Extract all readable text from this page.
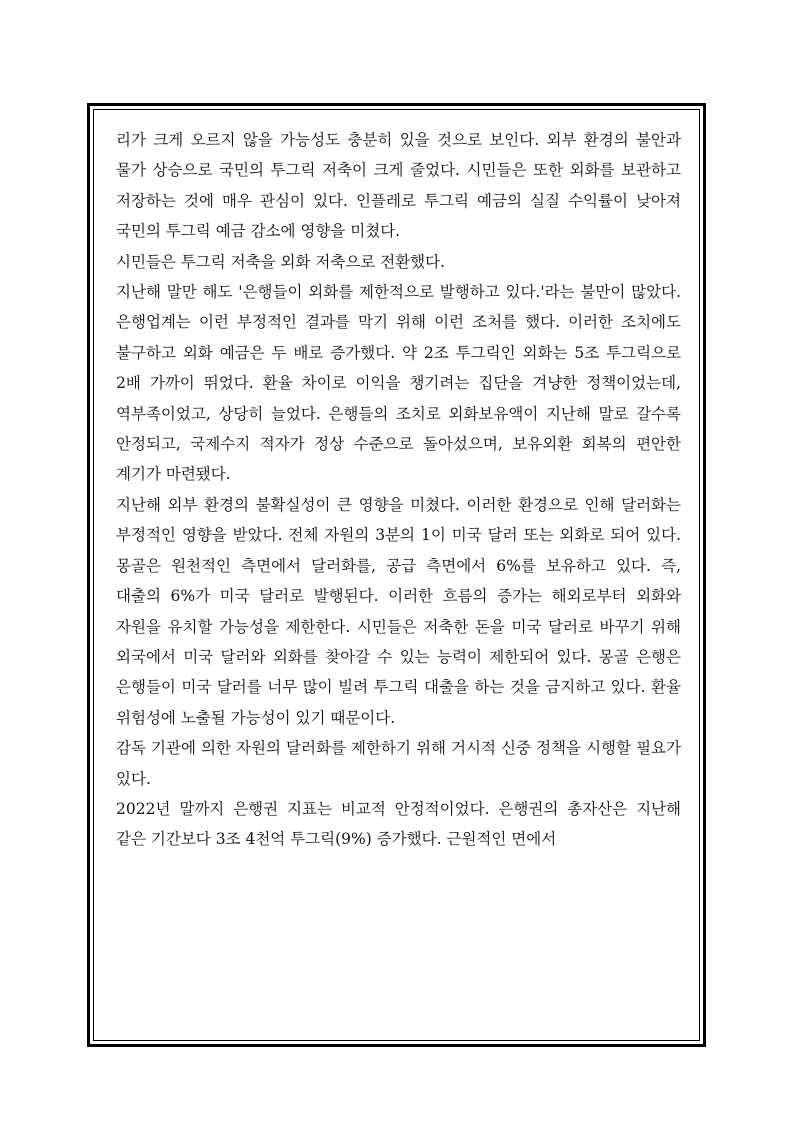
리가 크게 오르지 않을 가능성도 충분히 있을 것으로 보인다. 외부 환경의 불안과 물가 상승으로 국민의 투그릭 저축이 크게 줄었다. 시민들은 또한 외화를 보관하고 저장하는 것에 매우 관심이 있다. 인플레로 투그릭 예금의 실질 수익률이 낮아져 국민의 투그릭 예금 감소에 영향을 미쳤다.

시민들은 투그릭 저축을 외화 저축으로 전환했다.

지난해 말만 해도 '은행들이 외화를 제한적으로 발행하고 있다.'라는 불만이 많았다. 은행업계는 이런 부정적인 결과를 막기 위해 이런 조처를 했다. 이러한 조치에도 불구하고 외화 예금은 두 배로 증가했다. 약 2조 투그릭인 외화는 5조 투그릭으로 2배 가까이 뛰었다. 환율 차이로 이익을 챙기려는 집단을 겨냥한 정책이었는데, 역부족이었고, 상당히 늘었다. 은행들의 조치로 외화보유액이 지난해 말로 갈수록 안정되고, 국제수지 적자가 정상 수준으로 돌아섰으며, 보유외환 회복의 편안한 계기가 마련됐다.

지난해 외부 환경의 불확실성이 큰 영향을 미쳤다. 이러한 환경으로 인해 달러화는 부정적인 영향을 받았다. 전체 자원의 3분의 1이 미국 달러 또는 외화로 되어 있다. 몽골은 원천적인 측면에서 달러화를, 공급 측면에서 6%를 보유하고 있다. 즉, 대출의 6%가 미국 달러로 발행된다. 이러한 흐름의 증가는 해외로부터 외화와 자원을 유치할 가능성을 제한한다. 시민들은 저축한 돈을 미국 달러로 바꾸기 위해 외국에서 미국 달러와 외화를 찾아갈 수 있는 능력이 제한되어 있다. 몽골 은행은 은행들이 미국 달러를 너무 많이 빌려 투그릭 대출을 하는 것을 금지하고 있다. 환율 위험성에 노출될 가능성이 있기 때문이다.

감독 기관에 의한 자원의 달러화를 제한하기 위해 거시적 신중 정책을 시행할 필요가 있다.

2022년 말까지 은행권 지표는 비교적 안정적이었다. 은행권의 총자산은 지난해 같은 기간보다 3조 4천억 투그릭(9%) 증가했다. 근원적인 면에서
